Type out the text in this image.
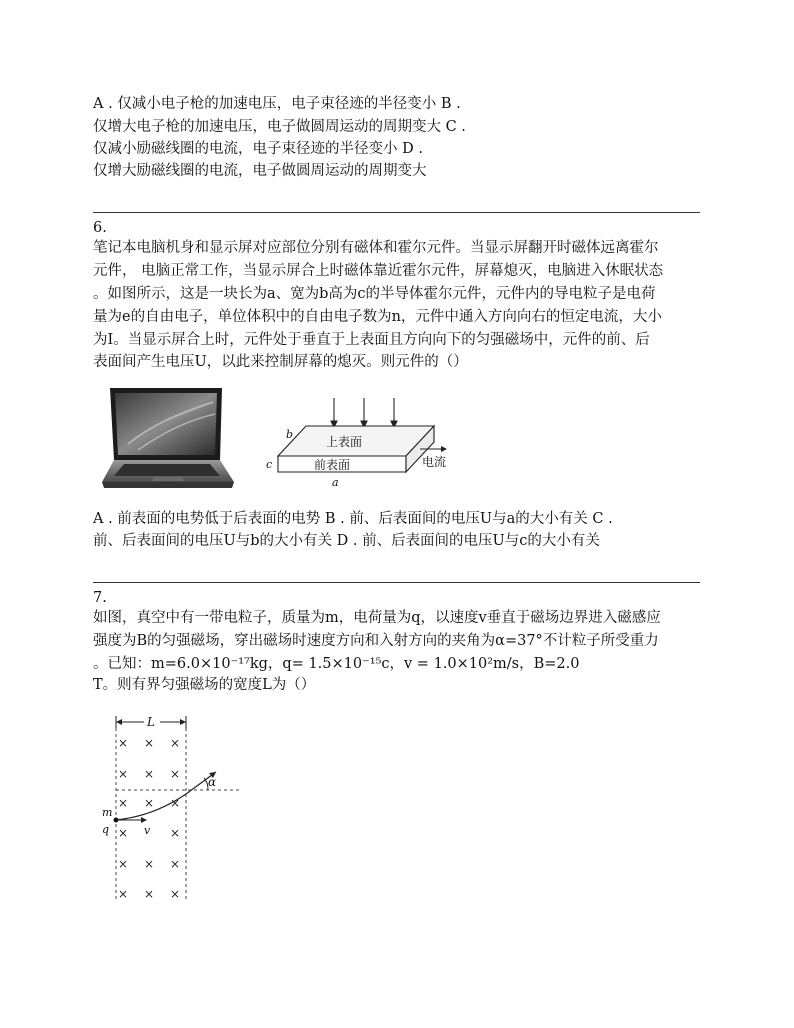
A . 仅减小电子枪的加速电压，电子束径迹的半径变小 B .
仅增大电子枪的加速电压，电子做圆周运动的周期变大 C .
仅减小励磁线圈的电流，电子束径迹的半径变小 D .
仅增大励磁线圈的电流，电子做圆周运动的周期变大
6.
笔记本电脑机身和显示屏对应部位分别有磁体和霍尔元件。当显示屏翻开时磁体远离霍尔
元件， 电脑正常工作，当显示屏合上时磁体靠近霍尔元件，屏幕熄灭，电脑进入休眠状态
。如图所示，这是一块长为a、宽为b高为c的半导体霍尔元件，元件内的导电粒子是电荷
量为e的自由电子，单位体积中的自由电子数为n，元件中通入方向向右的恒定电流，大小
为I。当显示屏合上时，元件处于垂直于上表面且方向向下的匀强磁场中，元件的前、后
表面间产生电压U，以此来控制屏幕的熄灭。则元件的（）
上表面
前表面	电流
b
c
a
A . 前表面的电势低于后表面的电势 B . 前、后表面间的电压U与a的大小有关 C .
前、后表面间的电压U与b的大小有关 D . 前、后表面间的电压U与c的大小有关
7.
如图，真空中有一带电粒子，质量为m，电荷量为q，以速度v垂直于磁场边界进入磁感应
强度为B的匀强磁场，穿出磁场时速度方向和入射方向的夹角为α=37°不计粒子所受重力
。已知：m=6.0×10⁻¹⁷kg，q= 1.5×10⁻¹⁵c，v = 1.0×10²m/s，B=2.0
T。则有界匀强磁场的宽度L为（）
L
× × ×
× × ×
× × ×
×	×
× × ×
× × ×
m
q	v
α
